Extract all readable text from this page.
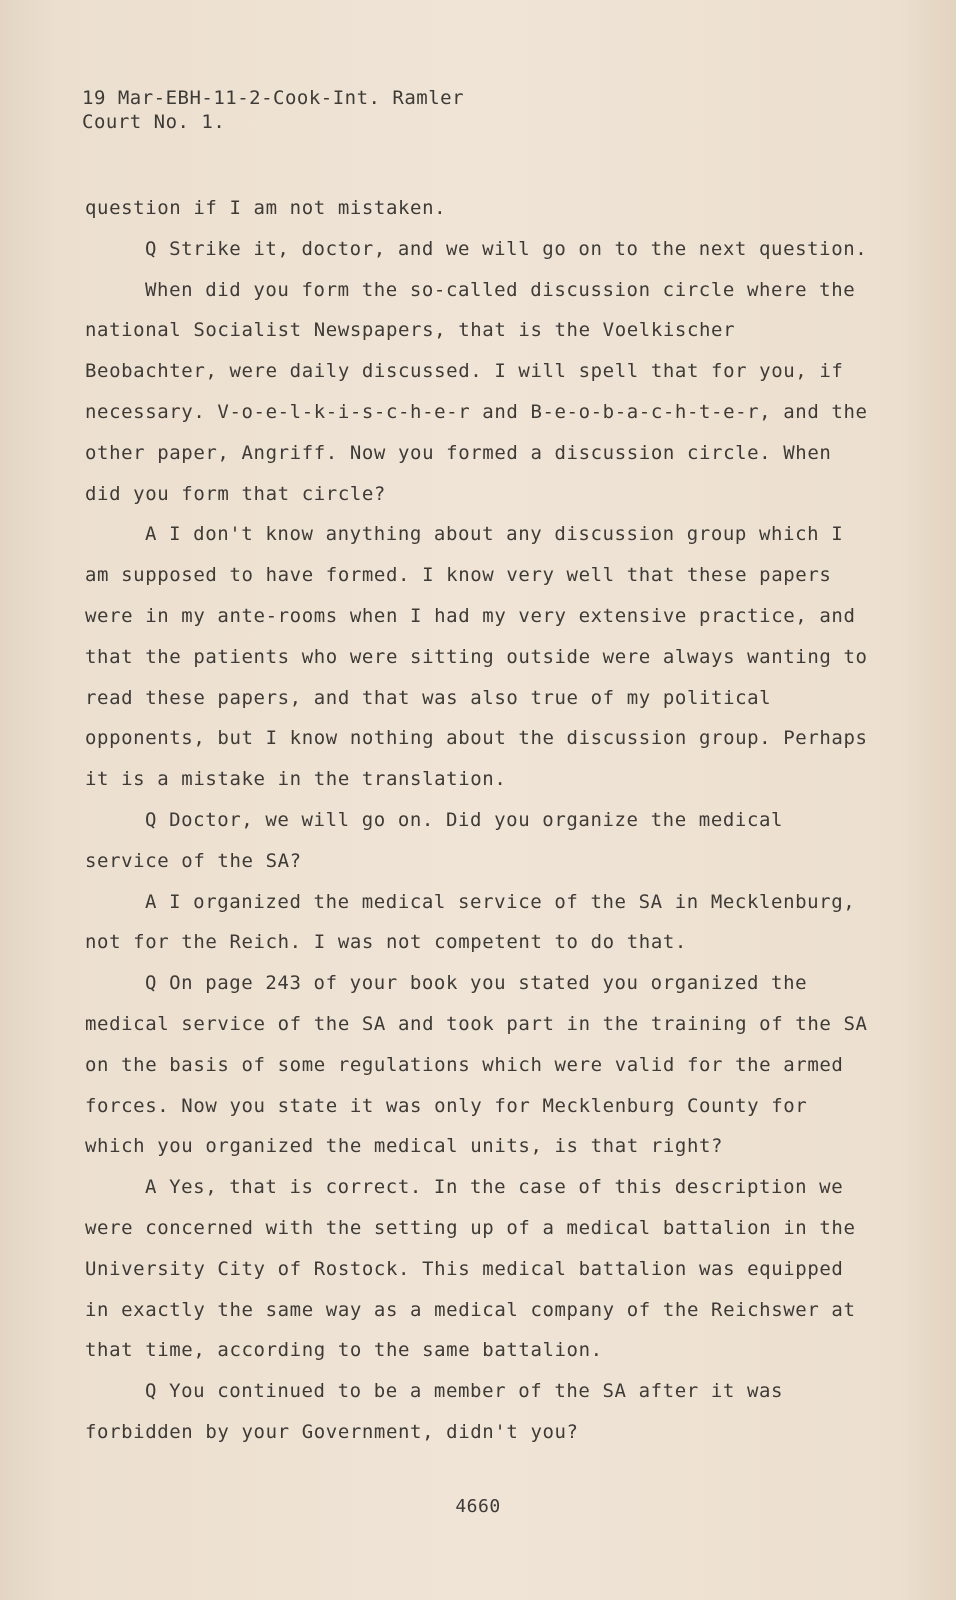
19 Mar-EBH-11-2-Cook-Int. Ramler
Court No. 1.

question if I am not mistaken.

Q Strike it, doctor, and we will go on to the next question.

When did you form the so-called discussion circle where the national Socialist Newspapers, that is the Voelkischer Beobachter, were daily discussed. I will spell that for you, if necessary. V-o-e-l-k-i-s-c-h-e-r and B-e-o-b-a-c-h-t-e-r, and the other paper, Angriff. Now you formed a discussion circle. When did you form that circle?

A I don't know anything about any discussion group which I am supposed to have formed. I know very well that these papers were in my ante-rooms when I had my very extensive practice, and that the patients who were sitting outside were always wanting to read these papers, and that was also true of my political opponents, but I know nothing about the discussion group. Perhaps it is a mistake in the translation.

Q Doctor, we will go on. Did you organize the medical service of the SA?

A I organized the medical service of the SA in Mecklenburg, not for the Reich. I was not competent to do that.

Q On page 243 of your book you stated you organized the medical service of the SA and took part in the training of the SA on the basis of some regulations which were valid for the armed forces. Now you state it was only for Mecklenburg County for which you organized the medical units, is that right?

A Yes, that is correct. In the case of this description we were concerned with the setting up of a medical battalion in the University City of Rostock. This medical battalion was equipped in exactly the same way as a medical company of the Reichswer at that time, according to the same battalion.

Q You continued to be a member of the SA after it was forbidden by your Government, didn't you?

4660
